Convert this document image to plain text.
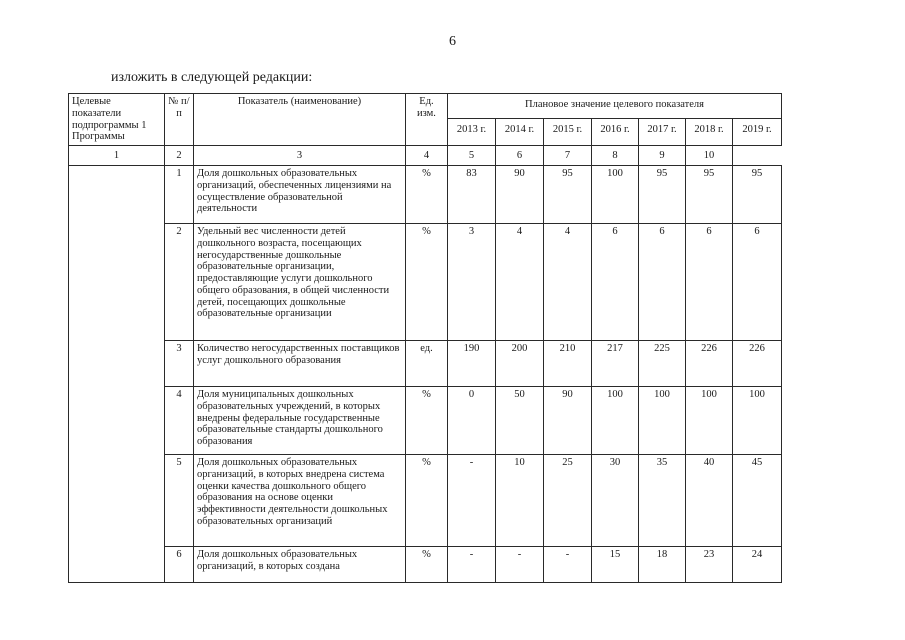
6
изложить в следующей редакции:
Целевые показатели подпрограммы 1 Программы	№ п/п	Показатель (наименование)	Ед. изм.	Плановое значение целевого показателя						
				2013 г.	2014 г.	2015 г.	2016 г.	2017 г.	2018 г.	2019 г.
1	2	3	4	5	6	7	8	9	10	
	1	Доля дошкольных образовательных организаций, обеспеченных лицензиями на осуществление образовательной деятельности	%	83	90	95	100	95	95	95
	2	Удельный вес численности детей дошкольного возраста, посещающих негосударственные дошкольные образовательные организации, предоставляющие услуги дошкольного общего образования, в общей численности детей, посещающих дошкольные образовательные организации	%	3	4	4	6	6	6	6
	3	Количество негосударственных поставщиков услуг дошкольного образования	ед.	190	200	210	217	225	226	226
	4	Доля муниципальных дошкольных образовательных учреждений, в которых внедрены федеральные государственные образовательные стандарты дошкольного образования	%	0	50	90	100	100	100	100
	5	Доля дошкольных образовательных организаций, в которых внедрена система оценки качества дошкольного общего образования на основе оценки эффективности деятельности дошкольных образовательных организаций	%	-	10	25	30	35	40	45
	6	Доля дошкольных образовательных организаций, в которых создана	%	-	-	-	15	18	23	24
